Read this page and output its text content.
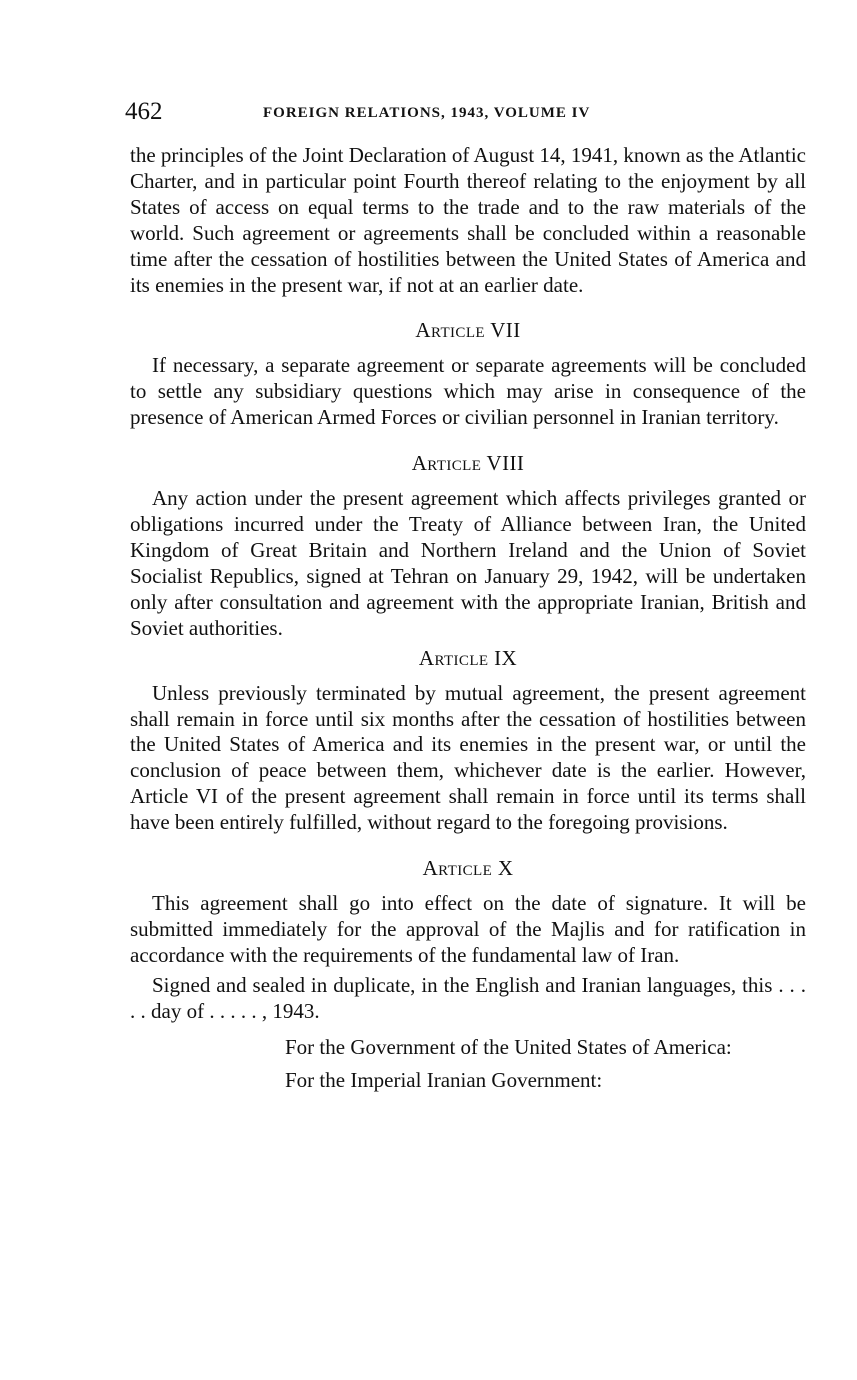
462	FOREIGN RELATIONS, 1943, VOLUME IV

the principles of the Joint Declaration of August 14, 1941, known as the Atlantic Charter, and in particular point Fourth thereof relating to the enjoyment by all States of access on equal terms to the trade and to the raw materials of the world. Such agreement or agreements shall be concluded within a reasonable time after the cessation of hostilities between the United States of America and its enemies in the present war, if not at an earlier date.

Article VII

If necessary, a separate agreement or separate agreements will be concluded to settle any subsidiary questions which may arise in consequence of the presence of American Armed Forces or civilian personnel in Iranian territory.

Article VIII

Any action under the present agreement which affects privileges granted or obligations incurred under the Treaty of Alliance between Iran, the United Kingdom of Great Britain and Northern Ireland and the Union of Soviet Socialist Republics, signed at Tehran on January 29, 1942, will be undertaken only after consultation and agreement with the appropriate Iranian, British and Soviet authorities.

Article IX

Unless previously terminated by mutual agreement, the present agreement shall remain in force until six months after the cessation of hostilities between the United States of America and its enemies in the present war, or until the conclusion of peace between them, whichever date is the earlier. However, Article VI of the present agreement shall remain in force until its terms shall have been entirely fulfilled, without regard to the foregoing provisions.

Article X

This agreement shall go into effect on the date of signature. It will be submitted immediately for the approval of the Majlis and for ratification in accordance with the requirements of the fundamental law of Iran.

Signed and sealed in duplicate, in the English and Iranian languages, this . . . . . day of . . . . . , 1943.

For the Government of the United States of America:

For the Imperial Iranian Government:
